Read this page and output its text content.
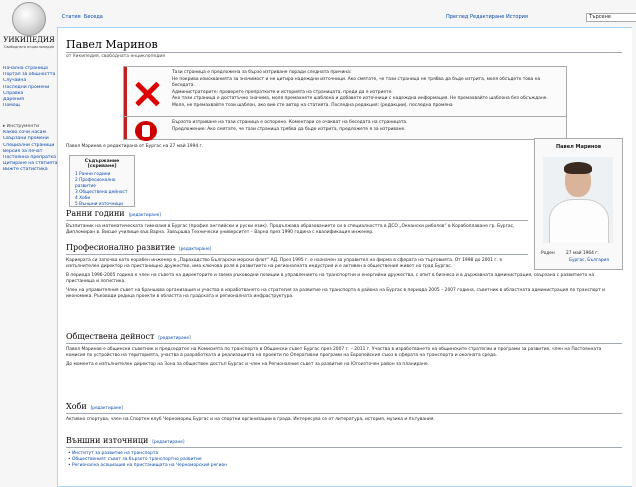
УИКИПЕДИЯ
Свободната енциклопедия
Начална страница
Портал за общността
Случайна
Последни промени
Справка
Дарения
Помощ
▸ Инструменти
Какво сочи насам
Свързани промени
Специални страници
Версия за печат
Постоянна препратка
Цитиране на статията
Вижте статистика
Статия Беседа	Преглед Редактиране История	Търсене
Павел Маринов
от Уикипедия, свободната енциклопедия
Тази страница е предложена за бързо изтриване поради следната причина:
Не покрива изискванията за значимост и не цитира надеждни източници. Ако смятате, че тази страница не трябва да бъде изтрита, моля обсъдете това на беседата.
Администраторите: проверете препратките и историята на страницата, преди да я изтриете.
Ако тази страница е достатъчно значима, моля премахнете шаблона и добавете източници с надеждна информация. Не премахвайте шаблона без обсъждане.
Моля, не премахвайте този шаблон, ако вие сте автор на статията. Последна редакция: (редакции), последна промяна
Бързото изтриване на тази страница е оспорено. Коментари се очакват на беседата на страницата.
Предложение: Ако смятате, че тази страница трябва да бъде изтрита, предложете я за изтриване.
Павел Маринов е редактирана от Бургас на 27 май 1994 г.
Съдържание [скриване]
1 Ранни години
2 Професионално развитие
3 Обществена дейност
4 Хоби
5 Външни източници
Павел Маринов
Роден	27 май 1964 г.
Бургас, България
Ранни години [редактиране]
Възпитаник на математическата гимназия в Бургас (профил английски и руски език). Продължава образованието си в специалността в ДСО „Океански риболов“ в Корабоплаване гр. Бургас,
Дипломиран в. Висше училище във Варна. Завършва Технически университет – Варна през 1990 година с квалификация инженер.
Професионално развитие [редактиране]
Кариерата си започва като корабен инженер в „Параходство Български морски флот“ АД. През 1995 г. е назначен за управител на фирма в сферата на търговията. От 1998 до 2001 г. е изпълнителен директор на пристанищно дружество, има ключова роля в развитието на регионалната индустрия и е активен в обществения живот на град Бургас.
В периода 1996-2005 година е член на съвета на директорите и заема ръководни позиции в управлението на транспортни и енергийни дружества, с опит в бизнеса и в държавната администрация, свързана с развитието на пристанища и логистика.
Член на управителния съвет на браншова организация и участва в изработването на стратегия за развитие на транспорта в района на Бургас в периода 2005 – 2007 година, съветник в областната администрация по транспорт и икономика. Ръководи редица проекти в областта на градската и регионалната инфраструктура.
Обществена дейност [редактиране]
Павел Маринов е общински съветник и председател на Комисията по транспорта в Общински съвет Бургас през 2007 г. – 2011 г. Участва в изработването на общинските стратегии и програми за развитие, член на Постоянната комисия по устройство на територията, участва в разработката и реализацията на проекти по Оперативни програми на Европейския съюз в сферата на транспорта и околната среда.
До момента е изпълнителен директор на Зона за обществен достъп Бургас и член на Регионалния съвет за развитие на Югоизточен район за планиране.
Хоби [редактиране]
Активно спортува, член на Спортен клуб Черноморец Бургас и на спортни организации в града. Интересува се от литература, история, музика и пътувания.
Външни източници [редактиране]
• Институт за развитие на транспорта
• Общественият съвет за бързото транспортно развитие
• Регионална асоциация на пристанищата на Черноморския регион
